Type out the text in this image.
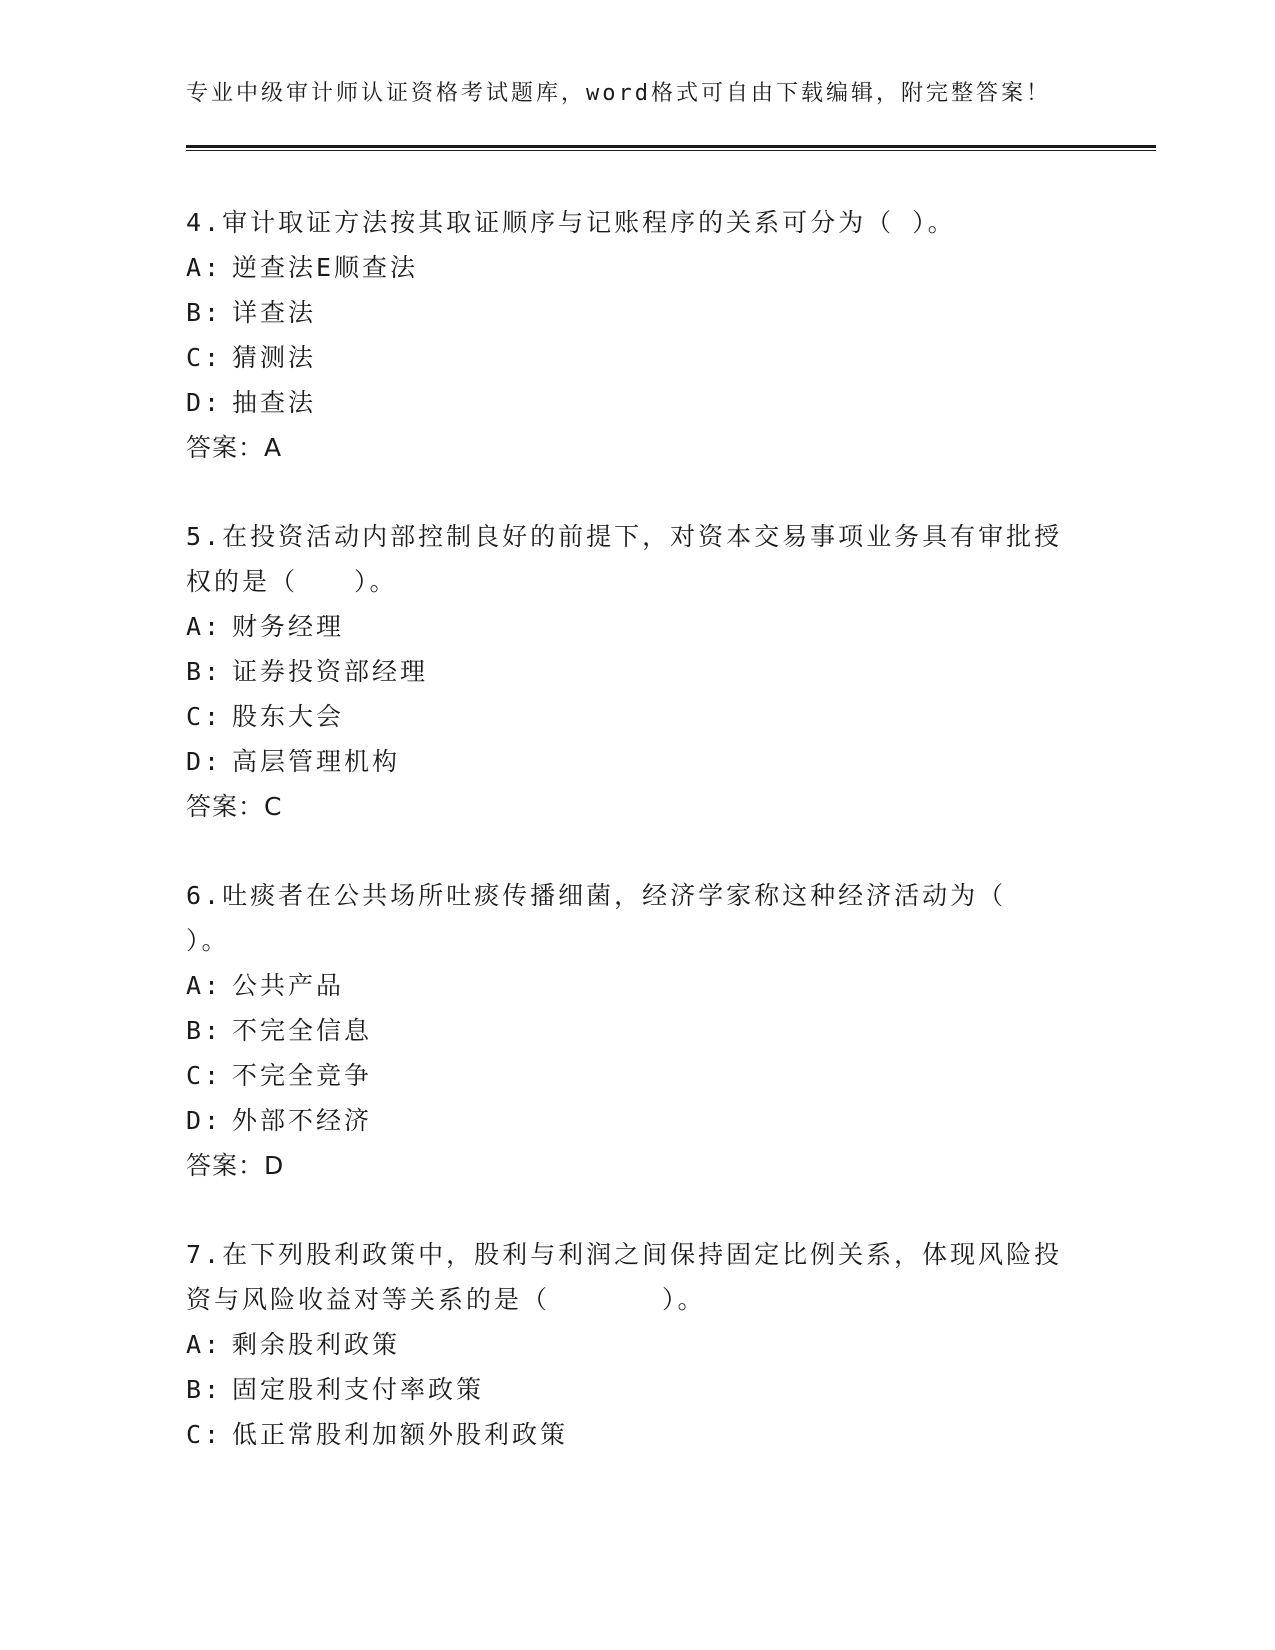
专业中级审计师认证资格考试题库，word格式可自由下载编辑，附完整答案！
4.审计取证方法按其取证顺序与记账程序的关系可分为（ ）。
A: 逆查法E顺查法
B: 详查法
C: 猜测法
D: 抽查法
答案：A
5.在投资活动内部控制良好的前提下，对资本交易事项业务具有审批授权的是（　　）。
A: 财务经理
B: 证券投资部经理
C: 股东大会
D: 高层管理机构
答案：C
6.吐痰者在公共场所吐痰传播细菌，经济学家称这种经济活动为（ ）。
A: 公共产品
B: 不完全信息
C: 不完全竞争
D: 外部不经济
答案：D
7.在下列股利政策中，股利与利润之间保持固定比例关系，体现风险投资与风险收益对等关系的是（　　　　）。
A: 剩余股利政策
B: 固定股利支付率政策
C: 低正常股利加额外股利政策
